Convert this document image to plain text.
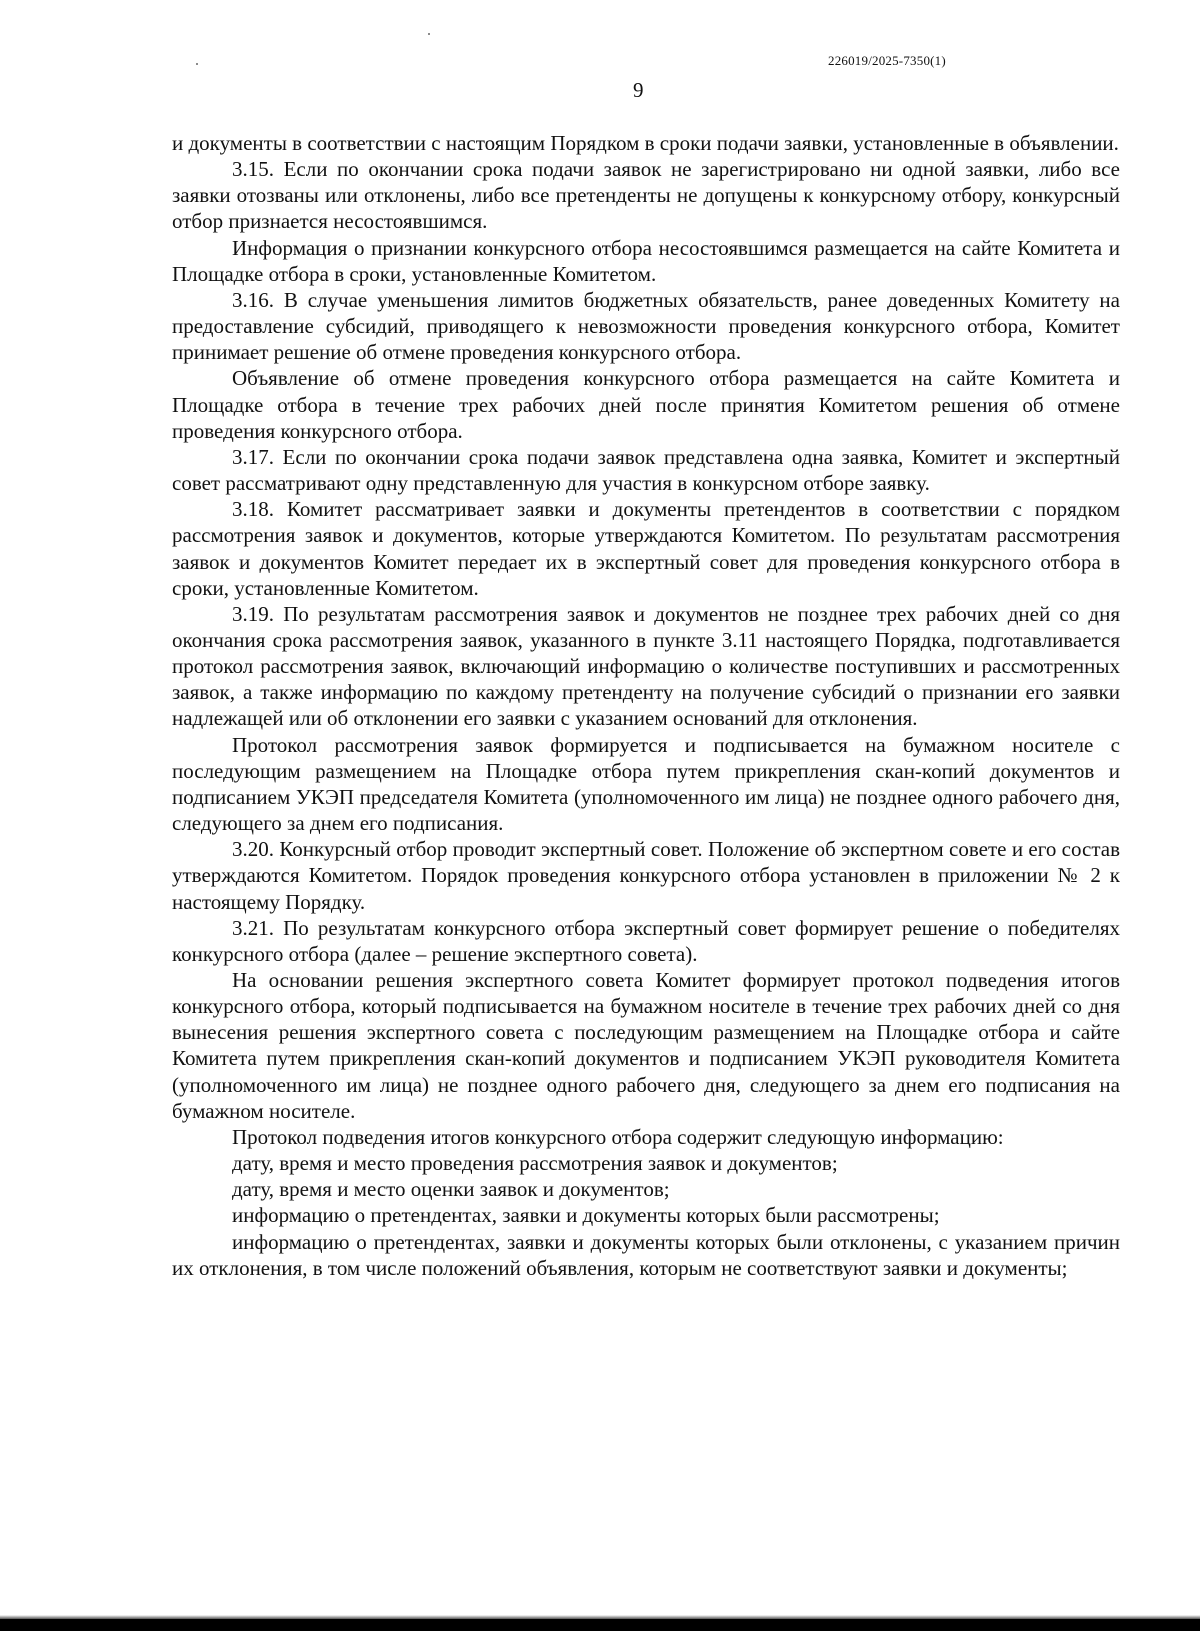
226019/2025-7350(1)
9

и документы в соответствии с настоящим Порядком в сроки подачи заявки, установленные в объявлении.

3.15. Если по окончании срока подачи заявок не зарегистрировано ни одной заявки, либо все заявки отозваны или отклонены, либо все претенденты не допущены к конкурсному отбору, конкурсный отбор признается несостоявшимся.

Информация о признании конкурсного отбора несостоявшимся размещается на сайте Комитета и Площадке отбора в сроки, установленные Комитетом.

3.16. В случае уменьшения лимитов бюджетных обязательств, ранее доведенных Комитету на предоставление субсидий, приводящего к невозможности проведения конкурсного отбора, Комитет принимает решение об отмене проведения конкурсного отбора.

Объявление об отмене проведения конкурсного отбора размещается на сайте Комитета и Площадке отбора в течение трех рабочих дней после принятия Комитетом решения об отмене проведения конкурсного отбора.

3.17. Если по окончании срока подачи заявок представлена одна заявка, Комитет и экспертный совет рассматривают одну представленную для участия в конкурсном отборе заявку.

3.18. Комитет рассматривает заявки и документы претендентов в соответствии с порядком рассмотрения заявок и документов, которые утверждаются Комитетом. По результатам рассмотрения заявок и документов Комитет передает их в экспертный совет для проведения конкурсного отбора в сроки, установленные Комитетом.

3.19. По результатам рассмотрения заявок и документов не позднее трех рабочих дней со дня окончания срока рассмотрения заявок, указанного в пункте 3.11 настоящего Порядка, подготавливается протокол рассмотрения заявок, включающий информацию о количестве поступивших и рассмотренных заявок, а также информацию по каждому претенденту на получение субсидий о признании его заявки надлежащей или об отклонении его заявки с указанием оснований для отклонения.

Протокол рассмотрения заявок формируется и подписывается на бумажном носителе с последующим размещением на Площадке отбора путем прикрепления скан-копий документов и подписанием УКЭП председателя Комитета (уполномоченного им лица) не позднее одного рабочего дня, следующего за днем его подписания.

3.20. Конкурсный отбор проводит экспертный совет. Положение об экспертном совете и его состав утверждаются Комитетом. Порядок проведения конкурсного отбора установлен в приложении № 2 к настоящему Порядку.

3.21. По результатам конкурсного отбора экспертный совет формирует решение о победителях конкурсного отбора (далее – решение экспертного совета).

На основании решения экспертного совета Комитет формирует протокол подведения итогов конкурсного отбора, который подписывается на бумажном носителе в течение трех рабочих дней со дня вынесения решения экспертного совета с последующим размещением на Площадке отбора и сайте Комитета путем прикрепления скан-копий документов и подписанием УКЭП руководителя Комитета (уполномоченного им лица) не позднее одного рабочего дня, следующего за днем его подписания на бумажном носителе.

Протокол подведения итогов конкурсного отбора содержит следующую информацию:

дату, время и место проведения рассмотрения заявок и документов;

дату, время и место оценки заявок и документов;

информацию о претендентах, заявки и документы которых были рассмотрены;

информацию о претендентах, заявки и документы которых были отклонены, с указанием причин их отклонения, в том числе положений объявления, которым не соответствуют заявки и документы;
